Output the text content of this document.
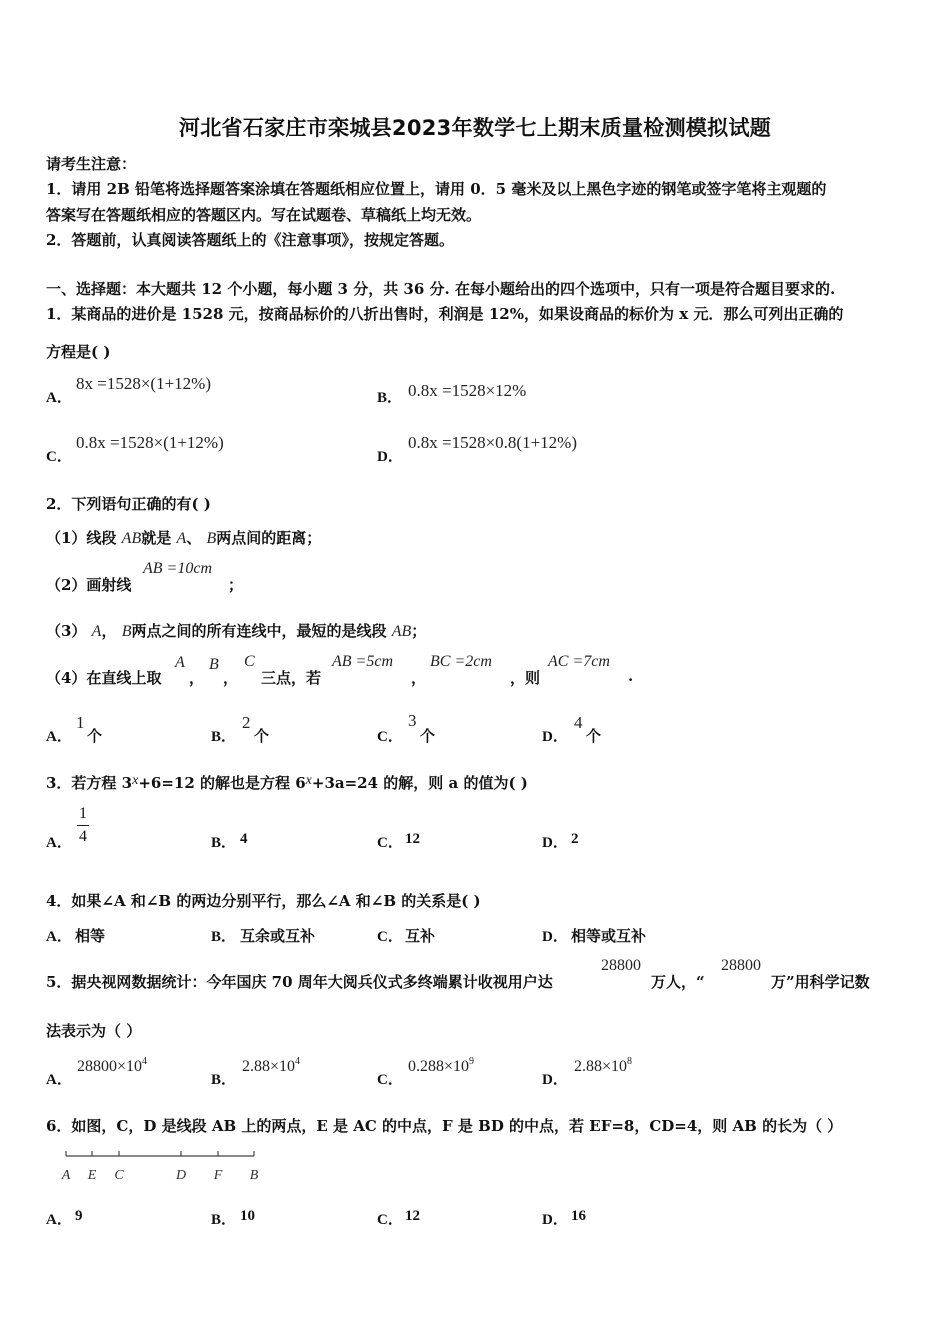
河北省石家庄市栾城县2023年数学七上期末质量检测模拟试题
请考生注意：
1．请用 2B 铅笔将选择题答案涂填在答题纸相应位置上，请用 0．5 毫米及以上黑色字迹的钢笔或签字笔将主观题的
答案写在答题纸相应的答题区内。写在试题卷、草稿纸上均无效。
2．答题前，认真阅读答题纸上的《注意事项》，按规定答题。
一、选择题：本大题共 12 个小题，每小题 3 分，共 36 分. 在每小题给出的四个选项中，只有一项是符合题目要求的.
1．某商品的进价是 1528 元，按商品标价的八折出售时，利润是 12%，如果设商品的标价为 x 元．那么可列出正确的
方程是( )
A．
8x =1528×(1+12%)
B． 0.8x =1528×12%
C．
0.8x =1528×(1+12%)
D．
0.8x =1528×0.8(1+12%)
2．下列语句正确的有( )
（1）线段 AB就是 A、 B两点间的距离；
（2）画射线
AB =10cm
；
（3） A， B两点之间的所有连线中，最短的是线段 AB；
（4）在直线上取
A
，
B
，
C
三点，若
AB =5cm
，
BC =2cm
，则
AC =7cm
.
A．
1
个	B．
2
个	C．
3
个	D．
4
个
3．若方程 3x+6=12 的解也是方程 6x+3a=24 的解，则 a 的值为( )
A．
1
4	B． 4	C． 12	D． 2
4．如果∠A 和∠B 的两边分别平行，那么∠A 和∠B 的关系是( )
A． 相等	B． 互余或互补	C． 互补	D． 相等或互补
5．据央视网数据统计：今年国庆 70 周年大阅兵仪式多终端累计收视用户达
28800
万人，“
28800
万”用科学记数
法表示为（ ）
A．
$28800\times 10^4$
B．
$2.88\times 10^4$
C．
$0.288\times 10^9$
D．
$2.88\times 10^8$
6．如图，C，D 是线段 AB 上的两点，E 是 AC 的中点，F 是 BD 的中点，若 EF=8，CD=4，则 AB 的长为（ ）
A E C	D F B
A． 9	B． 10	C． 12	D． 16
